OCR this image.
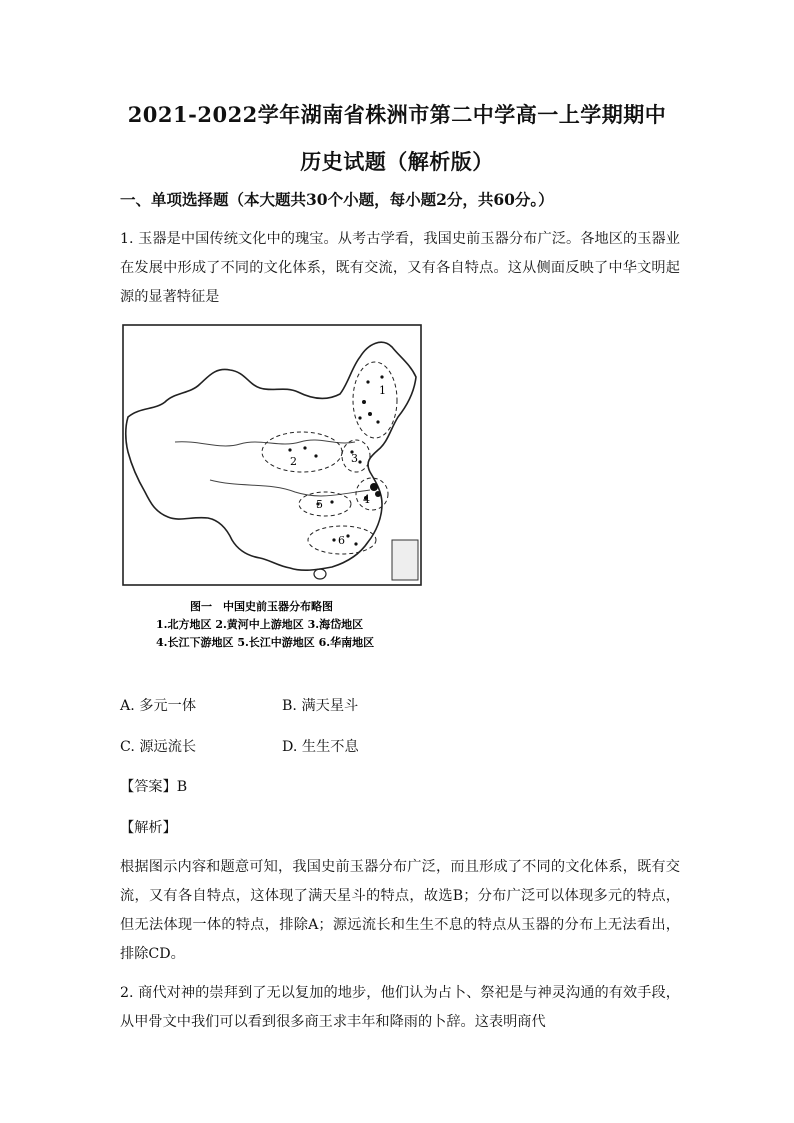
2021-2022学年湖南省株洲市第二中学高一上学期期中
历史试题（解析版）
一、单项选择题（本大题共30个小题，每小题2分，共60分。）
1. 玉器是中国传统文化中的瑰宝。从考古学看，我国史前玉器分布广泛。各地区的玉器业在发展中形成了不同的文化体系，既有交流，又有各自特点。这从侧面反映了中华文明起源的显著特征是
1
2	3
4
5
6
图一　中国史前玉器分布略图
1.北方地区 2.黄河中上游地区 3.海岱地区
4.长江下游地区 5.长江中游地区 6.华南地区
A. 多元一体	B. 满天星斗
C. 源远流长	D. 生生不息
【答案】B
【解析】
根据图示内容和题意可知，我国史前玉器分布广泛，而且形成了不同的文化体系，既有交流，又有各自特点，这体现了满天星斗的特点，故选B；分布广泛可以体现多元的特点，但无法体现一体的特点，排除A；源远流长和生生不息的特点从玉器的分布上无法看出，排除CD。
2. 商代对神的崇拜到了无以复加的地步，他们认为占卜、祭祀是与神灵沟通的有效手段，从甲骨文中我们可以看到很多商王求丰年和降雨的卜辞。这表明商代
